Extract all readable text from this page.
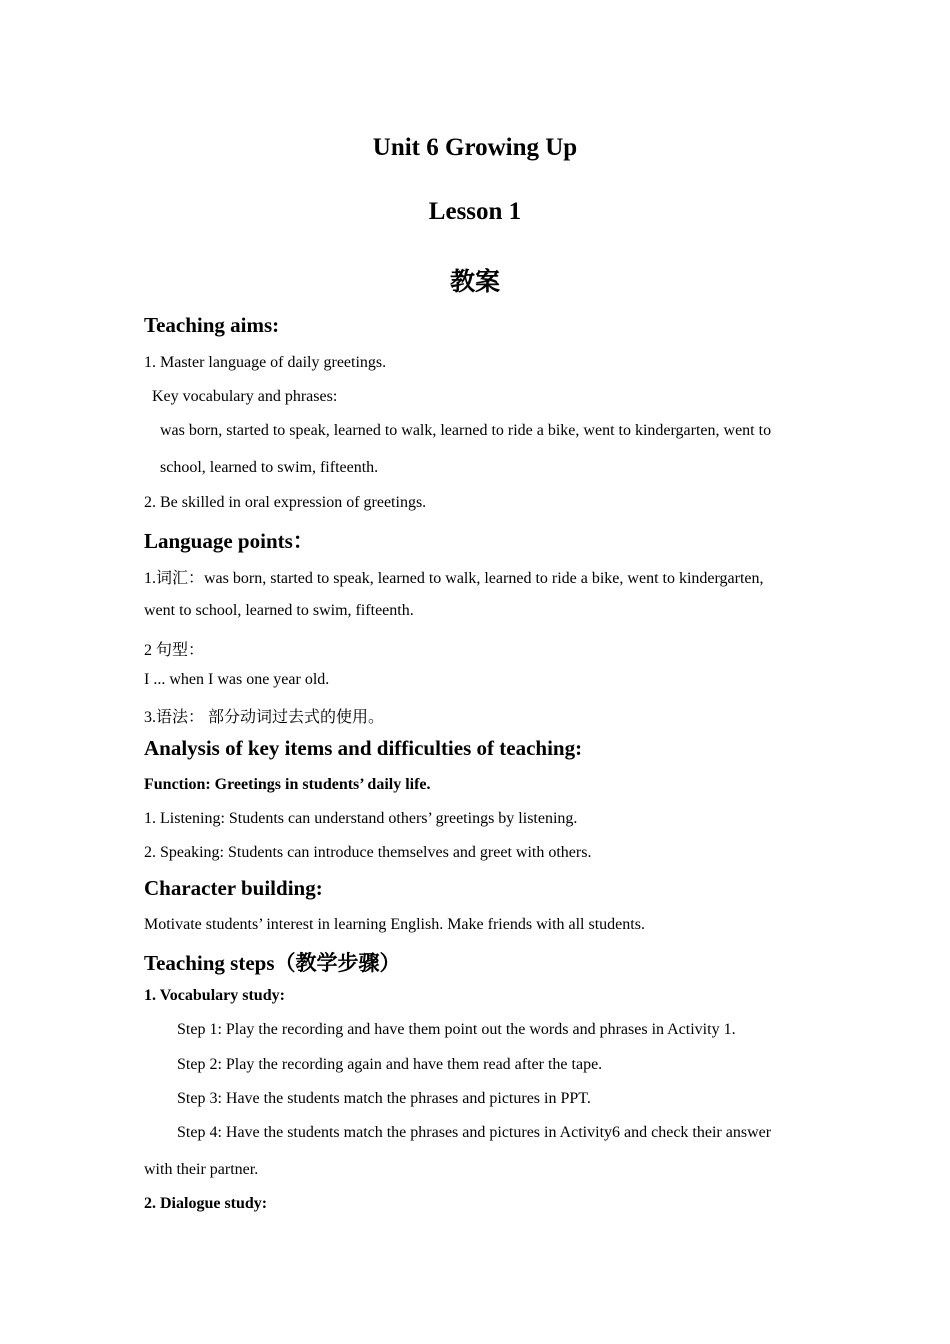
Unit 6 Growing Up
Lesson 1
教案
Teaching aims:
1. Master language of daily greetings.
Key vocabulary and phrases:
was born, started to speak, learned to walk, learned to ride a bike, went to kindergarten, went to
school, learned to swim, fifteenth.
2. Be skilled in oral expression of greetings.
Language points：
1.词汇：was born, started to speak, learned to walk, learned to ride a bike, went to kindergarten,
went to school, learned to swim, fifteenth.
2 句型：
I ... when I was one year old.
3.语法： 部分动词过去式的使用。
Analysis of key items and difficulties of teaching:
Function: Greetings in students’ daily life.
1. Listening: Students can understand others’ greetings by listening.
2. Speaking: Students can introduce themselves and greet with others.
Character building:
Motivate students’ interest in learning English. Make friends with all students.
Teaching steps（教学步骤）
1. Vocabulary study:
Step 1: Play the recording and have them point out the words and phrases in Activity 1.
Step 2: Play the recording again and have them read after the tape.
Step 3: Have the students match the phrases and pictures in PPT.
Step 4: Have the students match the phrases and pictures in Activity6 and check their answer
with their partner.
2. Dialogue study:
